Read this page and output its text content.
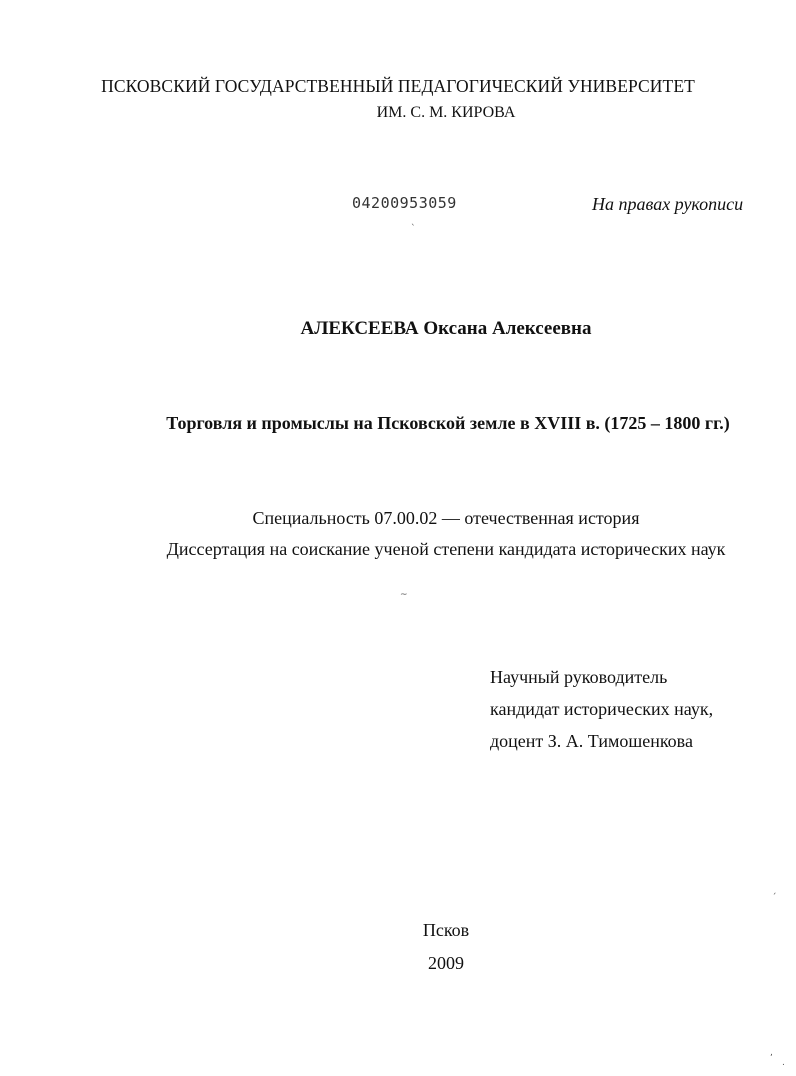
ПСКОВСКИЙ ГОСУДАРСТВЕННЫЙ ПЕДАГОГИЧЕСКИЙ УНИВЕРСИТЕТ
ИМ. С. М. КИРОВА
04200953059	На правах рукописи
АЛЕКСЕЕВА Оксана Алексеевна
Торговля и промыслы на Псковской земле в XVIII в. (1725 – 1800 гг.)
Специальность 07.00.02 — отечественная история
Диссертация на соискание ученой степени кандидата исторических наук
Научный руководитель
кандидат исторических наук,
доцент З. А. Тимошенкова
Псков
2009
`
~
´
,
.
